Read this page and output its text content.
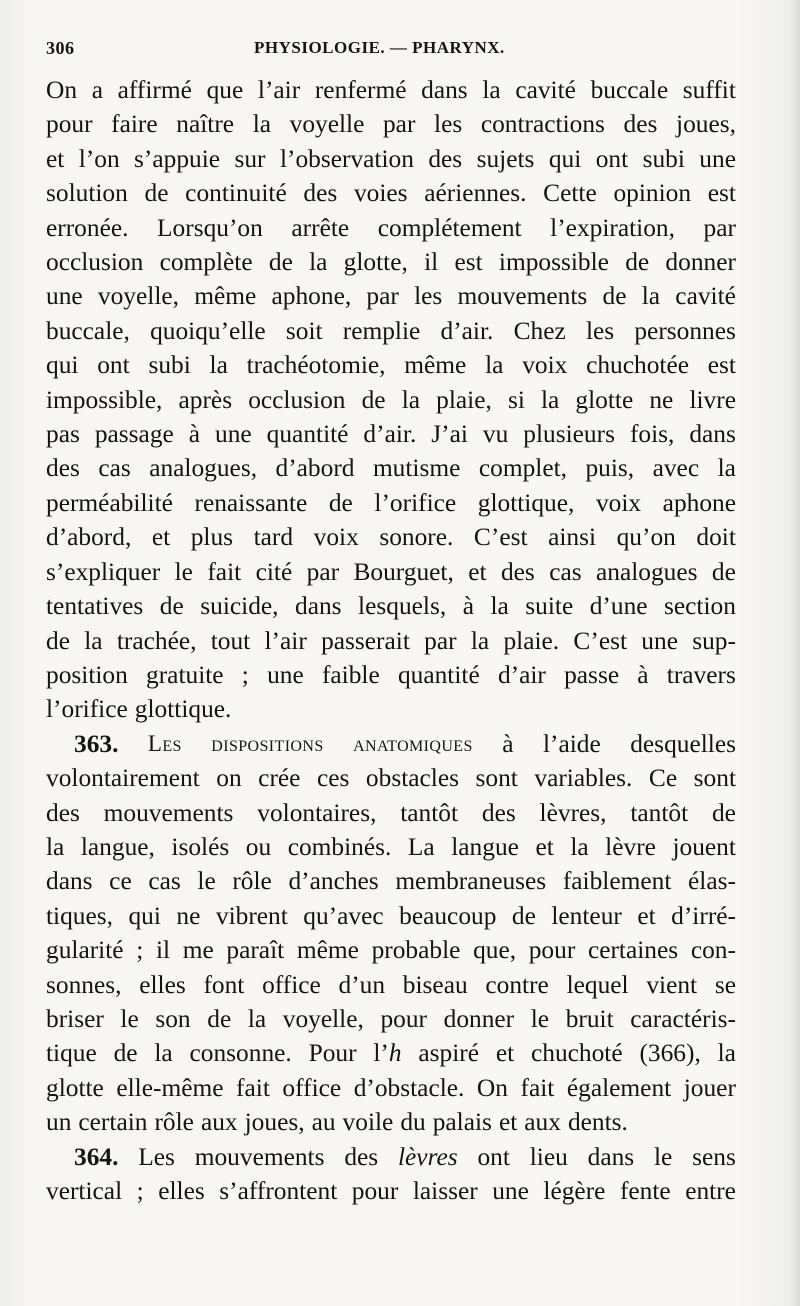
306	PHYSIOLOGIE. — PHARYNX.
On a affirmé que l’air renfermé dans la cavité buccale suffit
pour faire naître la voyelle par les contractions des joues,
et l’on s’appuie sur l’observation des sujets qui ont subi une
solution de continuité des voies aériennes. Cette opinion est
erronée. Lorsqu’on arrête complétement l’expiration, par
occlusion complète de la glotte, il est impossible de donner
une voyelle, même aphone, par les mouvements de la cavité
buccale, quoiqu’elle soit remplie d’air. Chez les personnes
qui ont subi la trachéotomie, même la voix chuchotée est
impossible, après occlusion de la plaie, si la glotte ne livre
pas passage à une quantité d’air. J’ai vu plusieurs fois, dans
des cas analogues, d’abord mutisme complet, puis, avec la
perméabilité renaissante de l’orifice glottique, voix aphone
d’abord, et plus tard voix sonore. C’est ainsi qu’on doit
s’expliquer le fait cité par Bourguet, et des cas analogues de
tentatives de suicide, dans lesquels, à la suite d’une section
de la trachée, tout l’air passerait par la plaie. C’est une sup-
position gratuite ; une faible quantité d’air passe à travers
l’orifice glottique.
363. Les dispositions anatomiques à l’aide desquelles
volontairement on crée ces obstacles sont variables. Ce sont
des mouvements volontaires, tantôt des lèvres, tantôt de
la langue, isolés ou combinés. La langue et la lèvre jouent
dans ce cas le rôle d’anches membraneuses faiblement élas-
tiques, qui ne vibrent qu’avec beaucoup de lenteur et d’irré-
gularité ; il me paraît même probable que, pour certaines con-
sonnes, elles font office d’un biseau contre lequel vient se
briser le son de la voyelle, pour donner le bruit caractéris-
tique de la consonne. Pour l’h aspiré et chuchoté (366), la
glotte elle-même fait office d’obstacle. On fait également jouer
un certain rôle aux joues, au voile du palais et aux dents.
364. Les mouvements des lèvres ont lieu dans le sens
vertical ; elles s’affrontent pour laisser une légère fente entre
